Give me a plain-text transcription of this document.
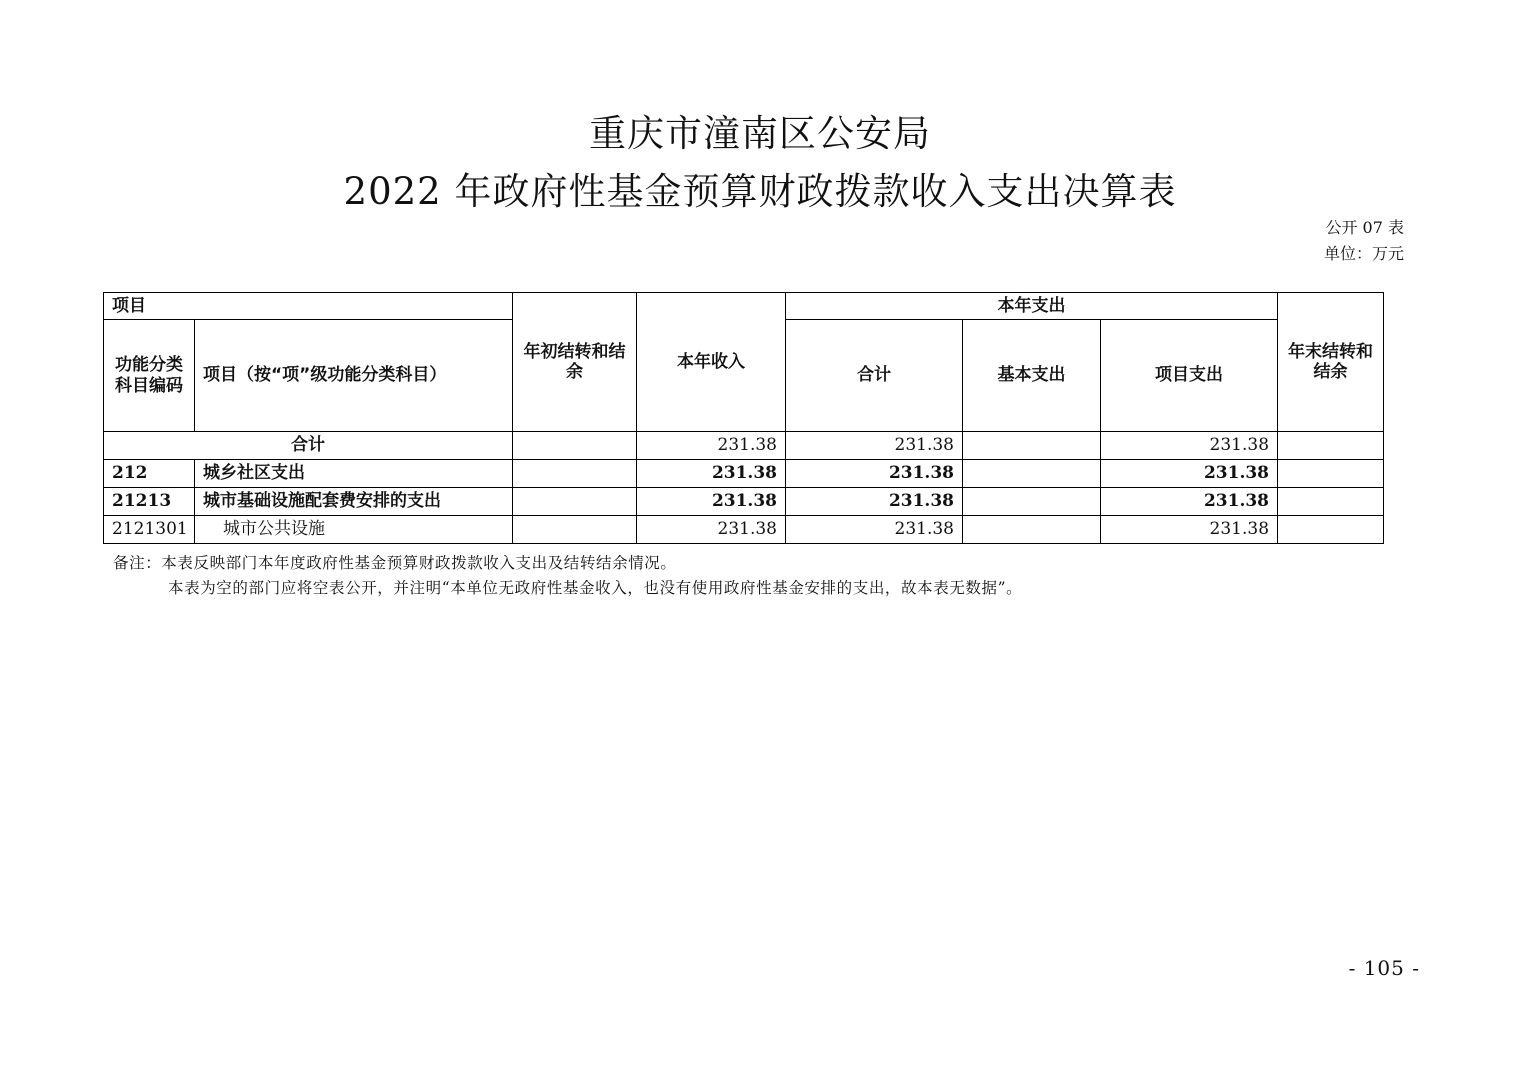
重庆市潼南区公安局
2022 年政府性基金预算财政拨款收入支出决算表
公开 07 表
单位：万元
项目		年初结转和结余	本年收入	本年支出			年末结转和结余
功能分类科目编码	项目（按“项”级功能分类科目）			合计	基本支出	项目支出	
合计			231.38	231.38		231.38	
212	城乡社区支出		231.38	231.38		231.38	
21213	城市基础设施配套费安排的支出		231.38	231.38		231.38	
2121301	城市公共设施		231.38	231.38		231.38	
备注：本表反映部门本年度政府性基金预算财政拨款收入支出及结转结余情况。
本表为空的部门应将空表公开，并注明“本单位无政府性基金收入，也没有使用政府性基金安排的支出，故本表无数据”。
- 105 -
